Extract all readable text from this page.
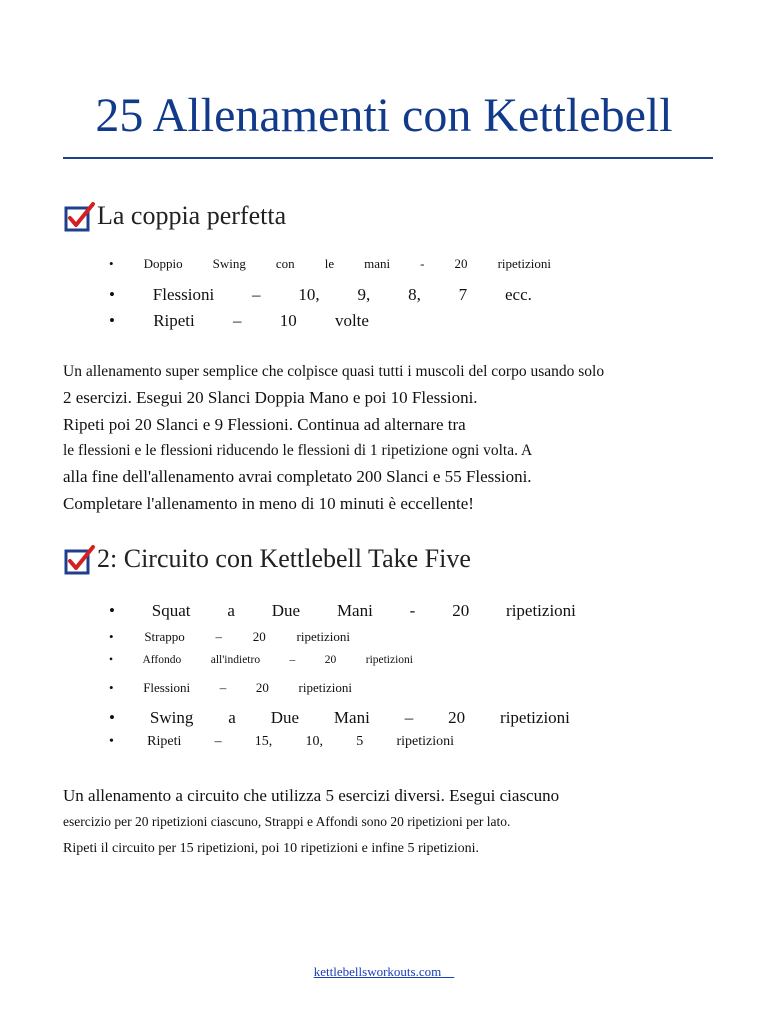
25 Allenamenti con Kettlebell
La coppia perfetta
• Doppio Swing con le mani - 20 ripetizioni
• Flessioni – 10, 9, 8, 7 ecc.
• Ripeti – 10 volte
Un allenamento super semplice che colpisce quasi tutti i muscoli del corpo usando solo
2 esercizi. Esegui 20 Slanci Doppia Mano e poi 10 Flessioni.
Ripeti poi 20 Slanci e 9 Flessioni. Continua ad alternare tra
le flessioni e le flessioni riducendo le flessioni di 1 ripetizione ogni volta. A
alla fine dell'allenamento avrai completato 200 Slanci e 55 Flessioni.
Completare l'allenamento in meno di 10 minuti è eccellente!
2: Circuito con Kettlebell Take Five
• Squat a Due Mani - 20 ripetizioni
• Strappo – 20 ripetizioni
•	Affondo	all'indietro	–	20	ripetizioni
• Flessioni – 20 ripetizioni
• Swing a Due Mani – 20 ripetizioni
• Ripeti – 15, 10, 5 ripetizioni
Un allenamento a circuito che utilizza 5 esercizi diversi. Esegui ciascuno
esercizio per 20 ripetizioni ciascuno, Strappi e Affondi sono 20 ripetizioni per lato.
Ripeti il circuito per 15 ripetizioni, poi 10 ripetizioni e infine 5 ripetizioni.
kettlebellsworkouts.com
